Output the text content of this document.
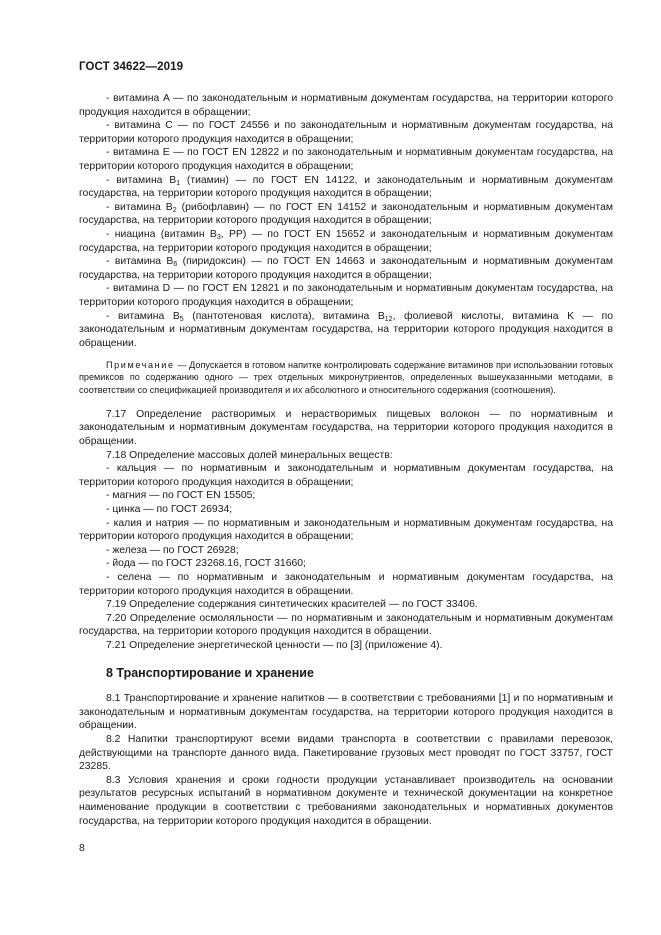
ГОСТ 34622—2019

- витамина A — по законодательным и нормативным документам государства, на территории которого продукция находится в обращении;

- витамина C — по ГОСТ 24556 и по законодательным и нормативным документам государства, на территории которого продукция находится в обращении;

- витамина E — по ГОСТ EN 12822 и по законодательным и нормативным документам государства, на территории которого продукция находится в обращении;

- витамина $B_1$ (тиамин) — по ГОСТ EN 14122, и законодательным и нормативным документам государства, на территории которого продукция находится в обращении;

- витамина $B_2$ (рибофлавин) — по ГОСТ EN 14152 и законодательным и нормативным документам государства, на территории которого продукция находится в обращении;

- ниацина (витамин $B_3$, PP) — по ГОСТ EN 15652 и законодательным и нормативным документам государства, на территории которого продукция находится в обращении;

- витамина $B_6$ (пиридоксин) — по ГОСТ EN 14663 и законодательным и нормативным документам государства, на территории которого продукция находится в обращении;

- витамина D — по ГОСТ EN 12821 и по законодательным и нормативным документам государства, на территории которого продукция находится в обращении;

- витамина $B_5$ (пантотеновая кислота), витамина $B_{12}$, фолиевой кислоты, витамина K — по законодательным и нормативным документам государства, на территории которого продукция находится в обращении.

Примечание — Допускается в готовом напитке контролировать содержание витаминов при использовании готовых премиксов по содержанию одного — трех отдельных микронутриентов, определенных вышеуказанными методами, в соответствии со спецификацией производителя и их абсолютного и относительного содержания (соотношения).

7.17 Определение растворимых и нерастворимых пищевых волокон — по нормативным и законодательным и нормативным документам государства, на территории которого продукция находится в обращении.

7.18 Определение массовых долей минеральных веществ:

- кальция — по нормативным и законодательным и нормативным документам государства, на территории которого продукция находится в обращении;

- магния — по ГОСТ EN 15505;

- цинка — по ГОСТ 26934;

- калия и натрия — по нормативным и законодательным и нормативным документам государства, на территории которого продукция находится в обращении;

- железа — по ГОСТ 26928;

- йода — по ГОСТ 23268.16, ГОСТ 31660;

- селена — по нормативным и законодательным и нормативным документам государства, на территории которого продукция находится в обращении.

7.19 Определение содержания синтетических красителей — по ГОСТ 33406.

7.20 Определение осмоляльности — по нормативным и законодательным и нормативным документам государства, на территории которого продукция находится в обращении.

7.21 Определение энергетической ценности — по [3] (приложение 4).

8 Транспортирование и хранение

8.1 Транспортирование и хранение напитков — в соответствии с требованиями [1] и по нормативным и законодательным и нормативным документам государства, на территории которого продукция находится в обращении.

8.2 Напитки транспортируют всеми видами транспорта в соответствии с правилами перевозок, действующими на транспорте данного вида. Пакетирование грузовых мест проводят по ГОСТ 33757, ГОСТ 23285.

8.3 Условия хранения и сроки годности продукции устанавливает производитель на основании результатов ресурсных испытаний в нормативном документе и технической документации на конкретное наименование продукции в соответствии с требованиями законодательных и нормативных документов государства, на территории которого продукция находится в обращении.

8
